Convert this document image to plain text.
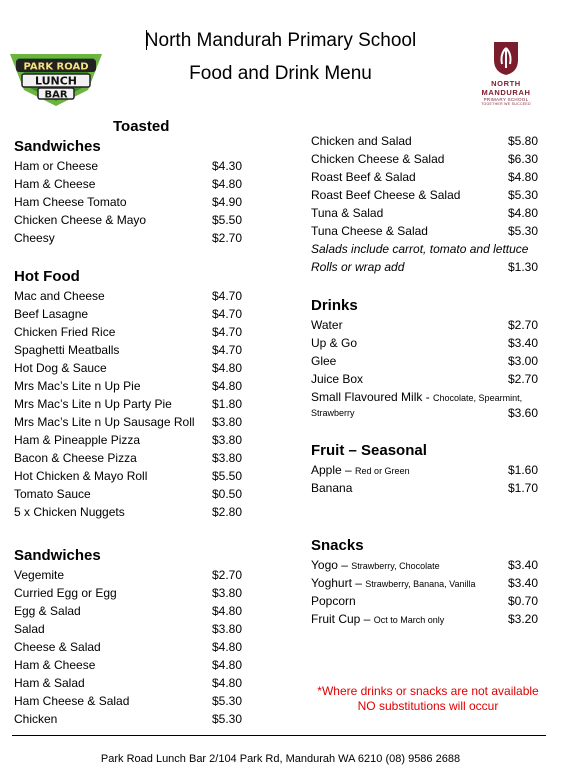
North Mandurah Primary School
Food and Drink Menu
PARK ROAD
LUNCH
BAR
NORTH
MANDURAH
PRIMARY SCHOOL
TOGETHER WE SUCCEED
Toasted
Sandwiches
Ham or Cheese	$4.30
Ham & Cheese	$4.80
Ham Cheese Tomato	$4.90
Chicken Cheese & Mayo	$5.50
Cheesy	$2.70
Hot Food
Mac and Cheese	$4.70
Beef Lasagne	$4.70
Chicken Fried Rice	$4.70
Spaghetti Meatballs	$4.70
Hot Dog & Sauce	$4.80
Mrs Mac’s Lite n Up Pie	$4.80
Mrs Mac’s Lite n Up Party Pie	$1.80
Mrs Mac’s Lite n Up Sausage Roll $3.80
Ham & Pineapple Pizza	$3.80
Bacon & Cheese Pizza	$3.80
Hot Chicken & Mayo Roll	$5.50
Tomato Sauce	$0.50
5 x Chicken Nuggets	$2.80
Sandwiches
Vegemite	$2.70
Curried Egg or Egg	$3.80
Egg & Salad	$4.80
Salad	$3.80
Cheese & Salad	$4.80
Ham & Cheese	$4.80
Ham & Salad	$4.80
Ham Cheese & Salad	$5.30
Chicken	$5.30
Chicken and Salad	$5.80
Chicken Cheese & Salad	$6.30
Roast Beef & Salad	$4.80
Roast Beef Cheese & Salad	$5.30
Tuna & Salad	$4.80
Tuna Cheese & Salad	$5.30
Salads include carrot, tomato and lettuce
Rolls or wrap add	$1.30
Drinks
Water	$2.70
Up & Go	$3.40
Glee	$3.00
Juice Box	$2.70
Small Flavoured Milk - Chocolate, Spearmint,
Strawberry	$3.60
Fruit – Seasonal
Apple – Red or Green	$1.60
Banana	$1.70
Snacks
Yogo – Strawberry, Chocolate	$3.40
Yoghurt – Strawberry, Banana, Vanilla	$3.40
Popcorn	$0.70
Fruit Cup – Oct to March only	$3.20
*Where drinks or snacks are not available
NO substitutions will occur
Park Road Lunch Bar 2/104 Park Rd, Mandurah WA 6210 (08) 9586 2688
